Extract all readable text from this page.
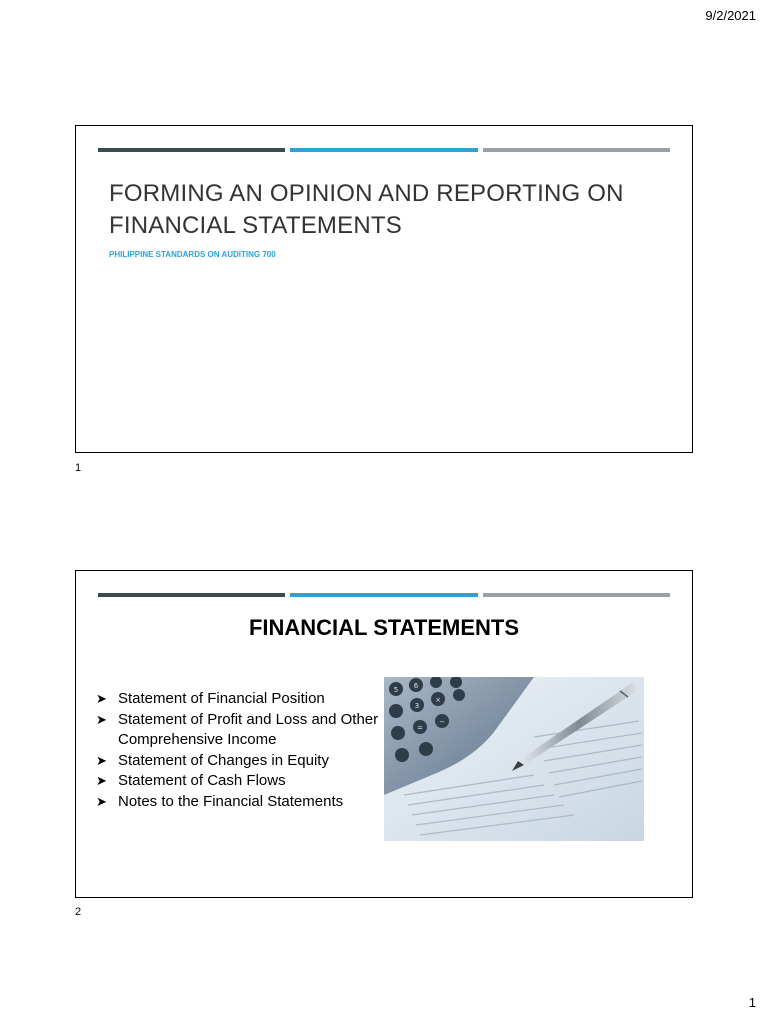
9/2/2021
FORMING AN OPINION AND REPORTING ON FINANCIAL STATEMENTS
PHILIPPINE STANDARDS ON AUDITING 700
1
FINANCIAL STATEMENTS
➤ Statement of Financial Position
➤ Statement of Profit and Loss and Other Comprehensive Income
➤ Statement of Changes in Equity
➤ Statement of Cash Flows
➤ Notes to the Financial Statements
5 6
3
×
=
−
2
1
